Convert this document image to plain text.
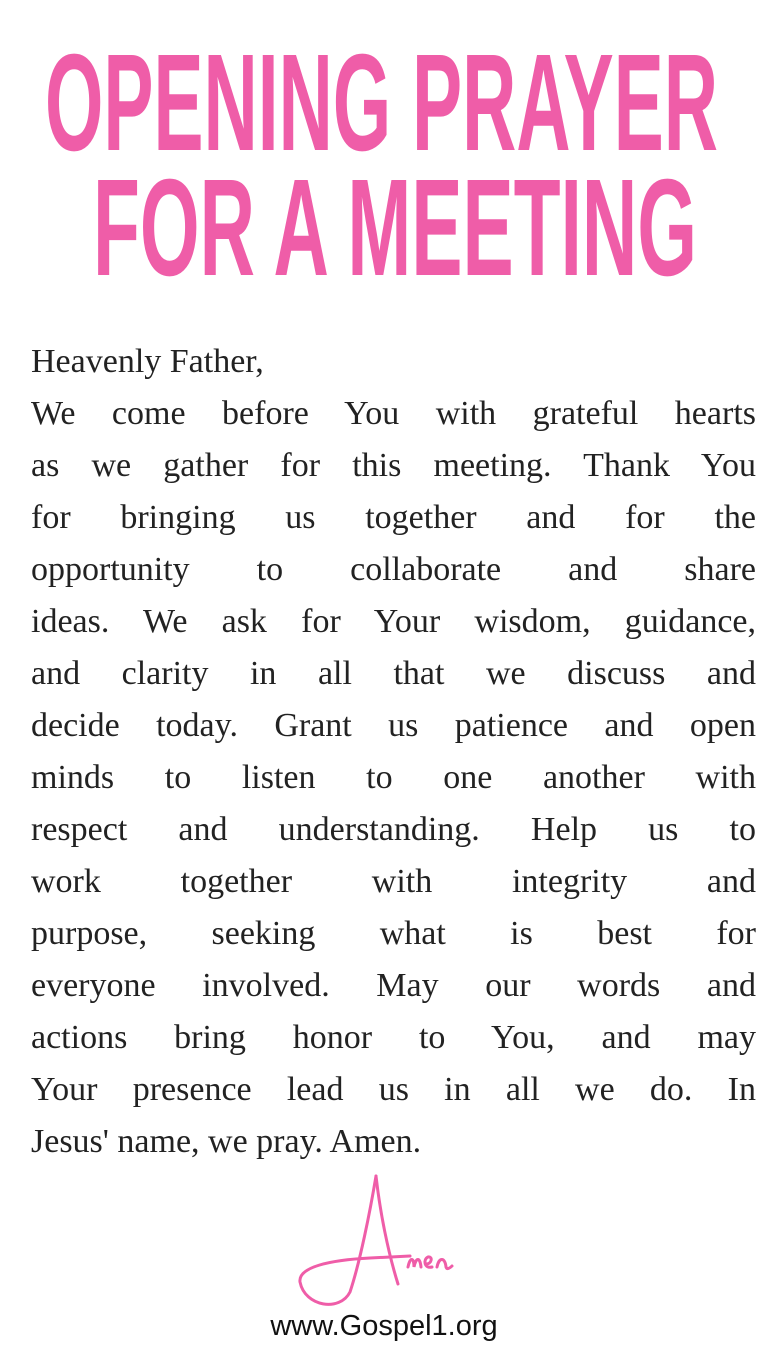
OPENING PRAYER
FOR A MEETING
Heavenly Father,
We come before You with grateful hearts
as we gather for this meeting. Thank You
for bringing us together and for the
opportunity to collaborate and share
ideas. We ask for Your wisdom, guidance,
and clarity in all that we discuss and
decide today. Grant us patience and open
minds to listen to one another with
respect and understanding. Help us to
work together with integrity and
purpose, seeking what is best for
everyone involved. May our words and
actions bring honor to You, and may
Your presence lead us in all we do. In
Jesus' name, we pray. Amen.
www.Gospel1.org
